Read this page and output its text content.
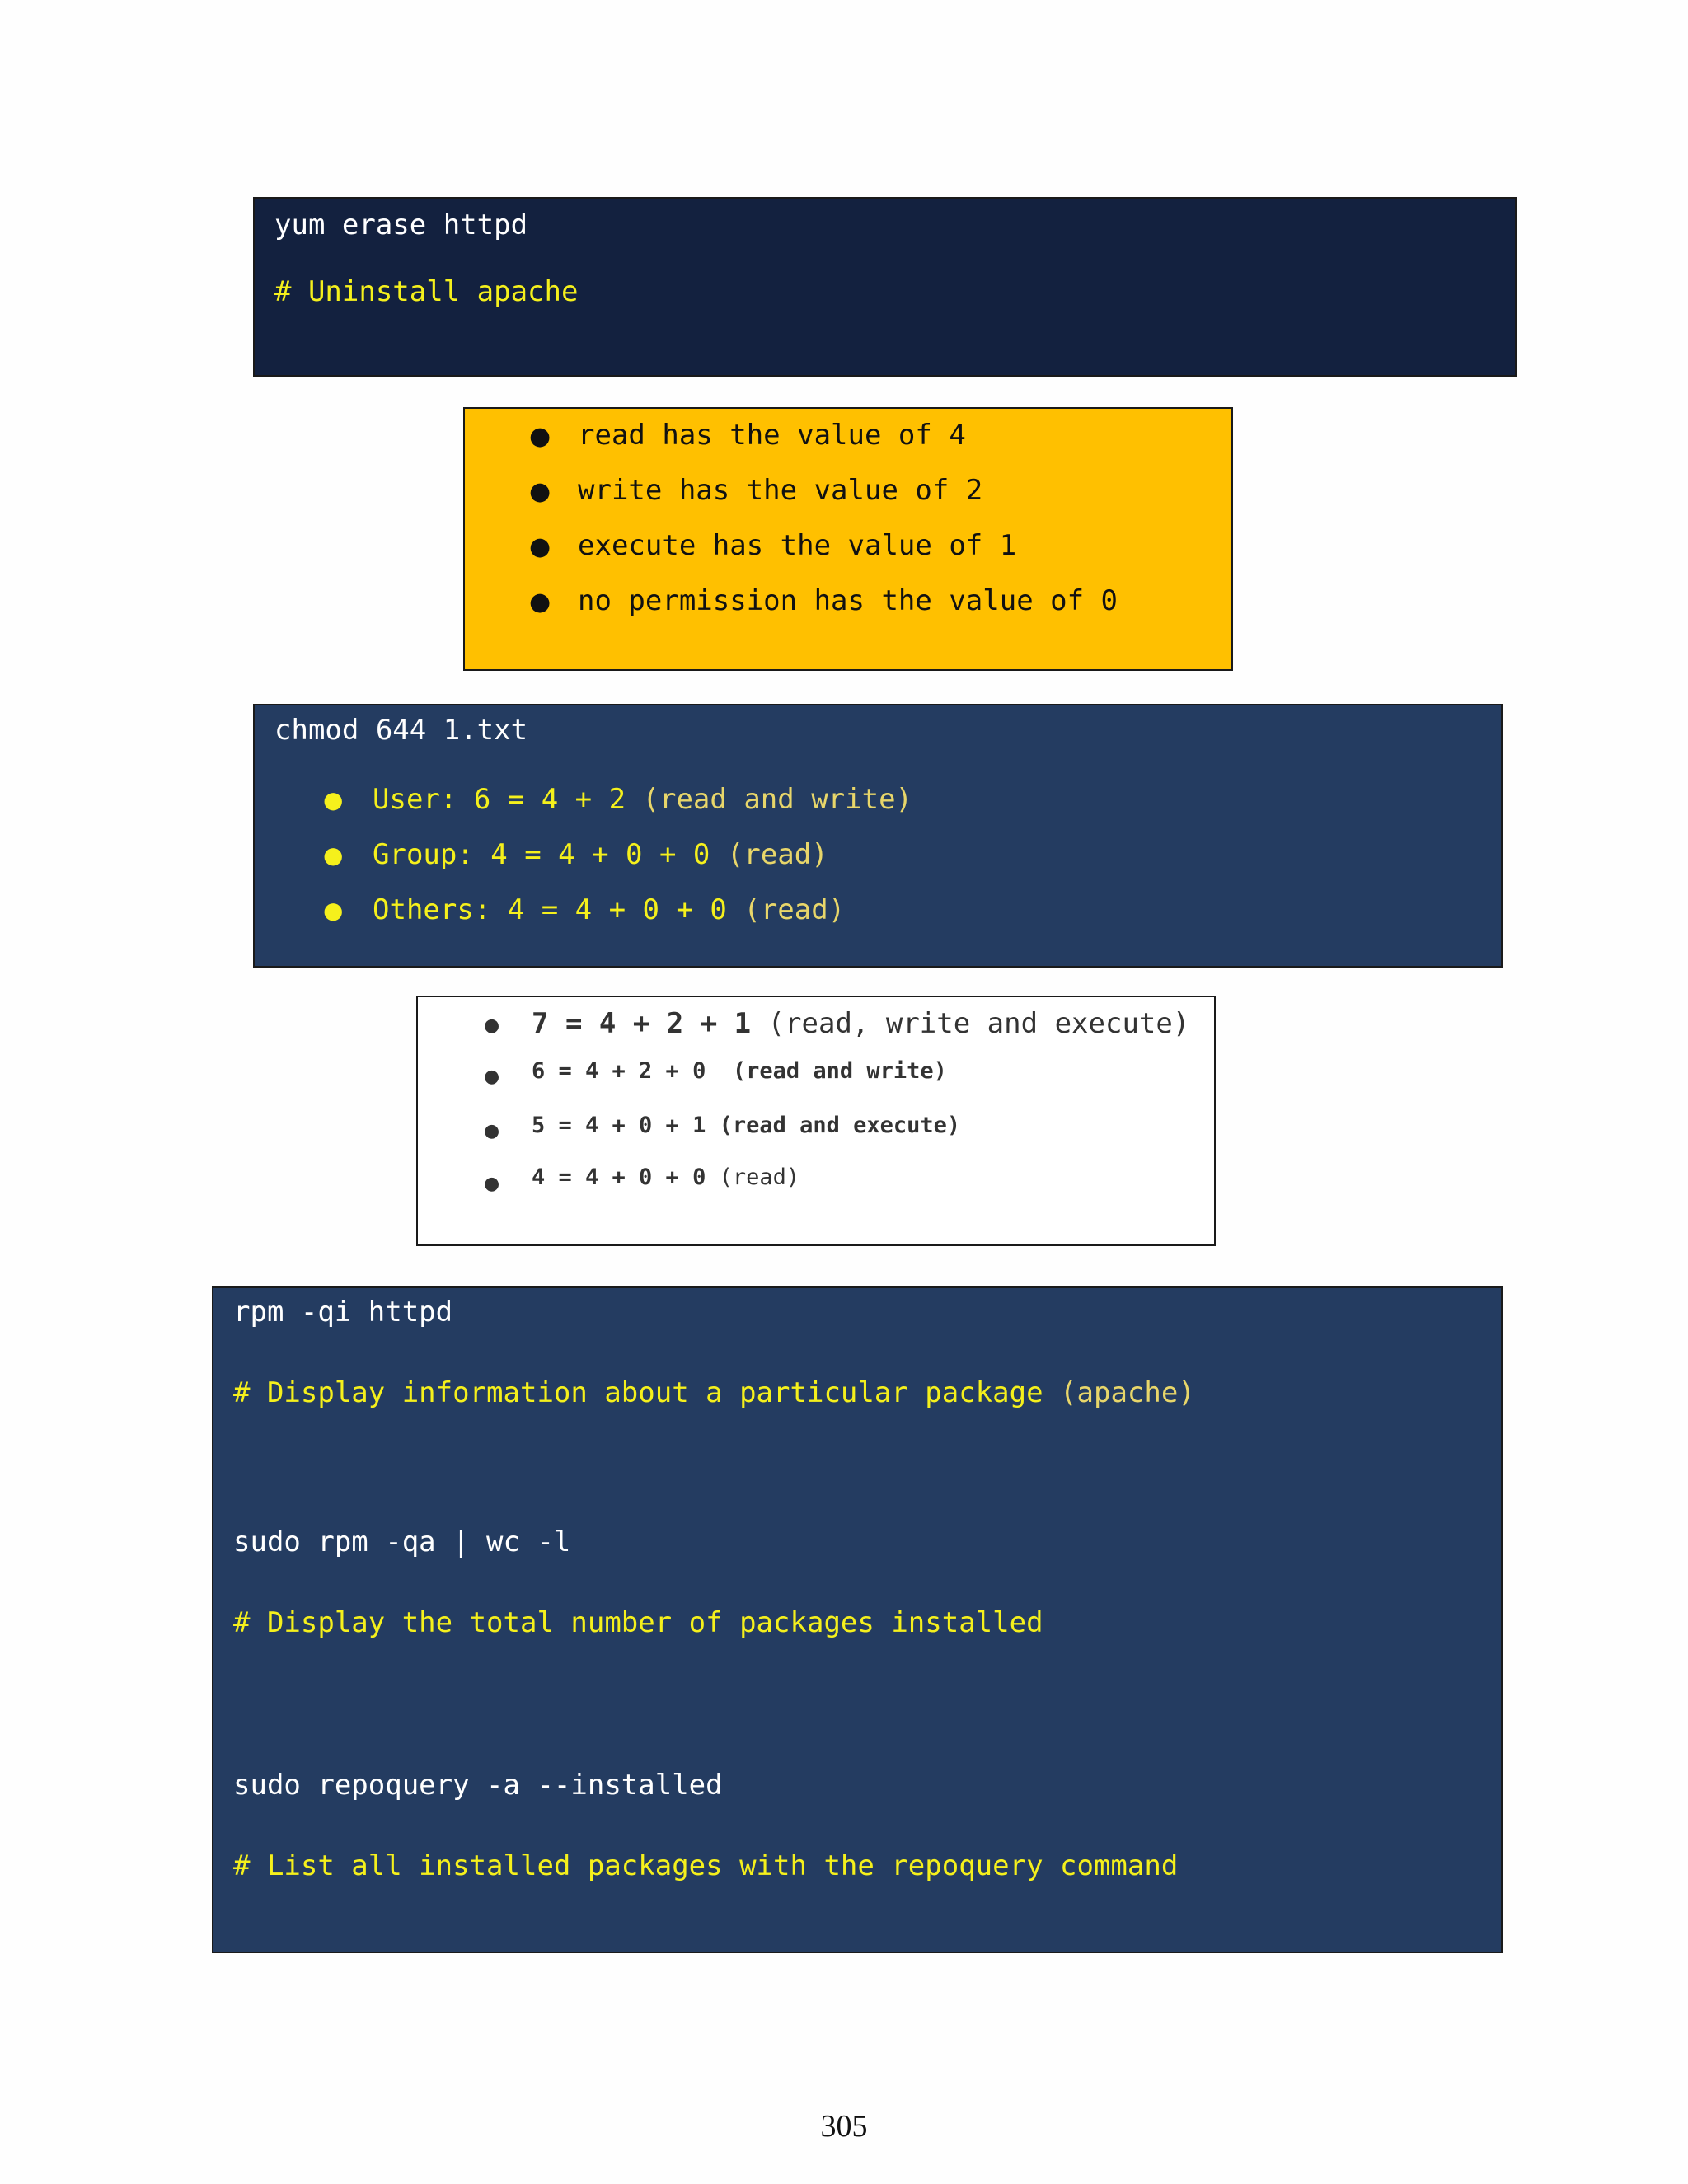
yum erase httpd
# Uninstall apache
● read has the value of 4
● write has the value of 2
● execute has the value of 1
● no permission has the value of 0
chmod 644 1.txt
● User: 6 = 4 + 2 (read and write)
● Group: 4 = 4 + 0 + 0 (read)
● Others: 4 = 4 + 0 + 0 (read)
● 7 = 4 + 2 + 1 (read, write and execute)
● 6 = 4 + 2 + 0  (read and write)
● 5 = 4 + 0 + 1 (read and execute)
● 4 = 4 + 0 + 0 (read)
rpm -qi httpd
# Display information about a particular package (apache)
sudo rpm -qa | wc -l
# Display the total number of packages installed
sudo repoquery -a --installed
# List all installed packages with the repoquery command
305
